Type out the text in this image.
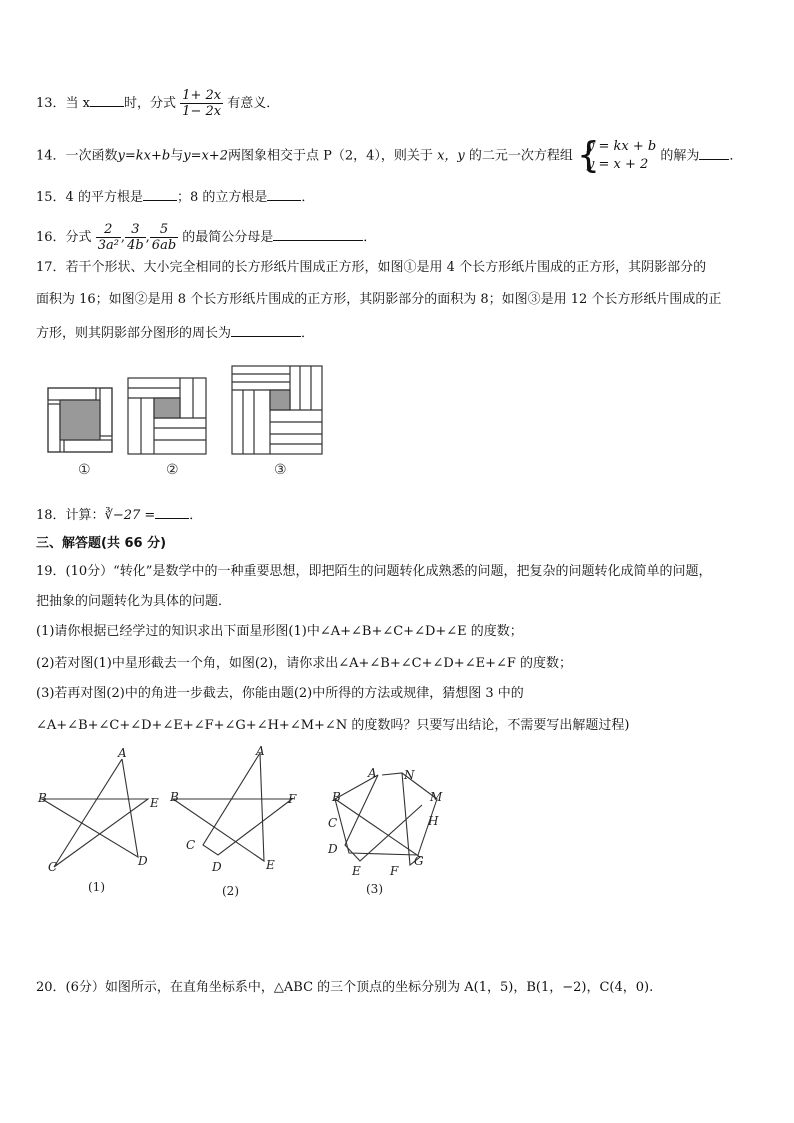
13．当 x	时，分式 $\frac{1+ 2x}{1- 2x}$ 有意义．
14．一次函数y=kx+b与y=x+2两图象相交于点 P（2，4），则关于 x，y 的二元一次方程组 {
y = kx + b
y = x + 2
的解为 ．
15．4 的平方根是	；8 的立方根是	．
16．分式 $\frac{2}{\text{3a²}}$ , $\frac{3}{4b}$ , $\frac{5}{6ab}$ 的最简公分母是	．
17．若干个形状、大小完全相同的长方形纸片围成正方形，如图①是用 4 个长方形纸片围成的正方形，其阴影部分的
面积为 16；如图②是用 8 个长方形纸片围成的正方形，其阴影部分的面积为 8；如图③是用 12 个长方形纸片围成的正
方形，则其阴影部分图形的周长为	．
①	②	③
18．计算：∛−27 =	．
三、解答题(共 66 分)
19．(10分）“转化”是数学中的一种重要思想，即把陌生的问题转化成熟悉的问题，把复杂的问题转化成简单的问题，
把抽象的问题转化为具体的问题．
(1)请你根据已经学过的知识求出下面星形图(1)中∠A+∠B+∠C+∠D+∠E 的度数；
(2)若对图(1)中星形截去一个角，如图(2)，请你求出∠A+∠B+∠C+∠D+∠E+∠F 的度数；
(3)若再对图(2)中的角进一步截去，你能由题(2)中所得的方法或规律，猜想图 3 中的
∠A+∠B+∠C+∠D+∠E+∠F+∠G+∠H+∠M+∠N 的度数吗？只要写出结论，不需要写出解题过程)
A
B
C	D
E
(1)
A
B
C
D	E
F
(2)
A N
B	M
C	H
D
G
E F
(3)
20．(6分）如图所示，在直角坐标系中，△ABC 的三个顶点的坐标分别为 A(1，5)，B(1，−2)，C(4，0).
